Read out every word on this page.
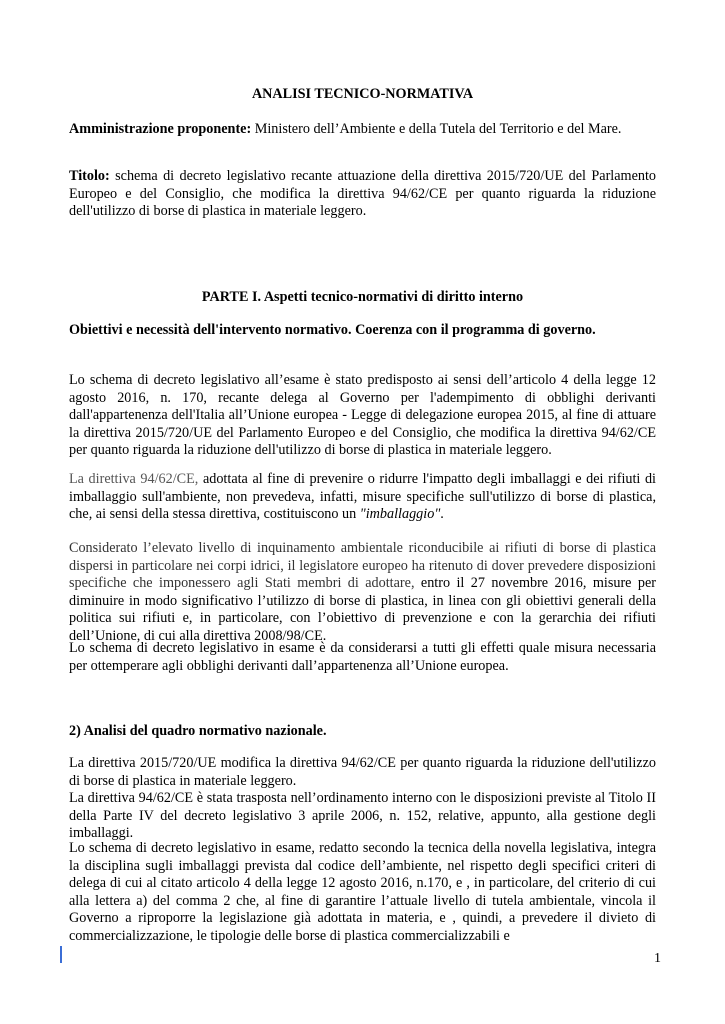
ANALISI TECNICO-NORMATIVA

Amministrazione proponente: Ministero dell’Ambiente e della Tutela del Territorio e del Mare.

Titolo: schema di decreto legislativo recante attuazione della direttiva 2015/720/UE del Parlamento Europeo e del Consiglio, che modifica la direttiva 94/62/CE per quanto riguarda la riduzione dell'utilizzo di borse di plastica in materiale leggero.

PARTE I. Aspetti tecnico-normativi di diritto interno

Obiettivi e necessità dell'intervento normativo. Coerenza con il programma di governo.

Lo schema di decreto legislativo all’esame è stato predisposto ai sensi dell’articolo 4 della legge 12 agosto 2016, n. 170, recante delega al Governo per l'adempimento di obblighi derivanti dall'appartenenza dell'Italia all’Unione europea - Legge di delegazione europea 2015, al fine di attuare la direttiva 2015/720/UE del Parlamento Europeo e del Consiglio, che modifica la direttiva 94/62/CE per quanto riguarda la riduzione dell'utilizzo di borse di plastica in materiale leggero.

La direttiva 94/62/CE, adottata al fine di prevenire o ridurre l'impatto degli imballaggi e dei rifiuti di imballaggio sull'ambiente, non prevedeva, infatti, misure specifiche sull'utilizzo di borse di plastica, che, ai sensi della stessa direttiva, costituiscono un "imballaggio".

Considerato l’elevato livello di inquinamento ambientale riconducibile ai rifiuti di borse di plastica dispersi in particolare nei corpi idrici, il legislatore europeo ha ritenuto di dover prevedere disposizioni specifiche che imponessero agli Stati membri di adottare, entro il 27 novembre 2016, misure per diminuire in modo significativo l’utilizzo di borse di plastica, in linea con gli obiettivi generali della politica sui rifiuti e, in particolare, con l’obiettivo di prevenzione e con la gerarchia dei rifiuti dell’Unione, di cui alla direttiva 2008/98/CE.

Lo schema di decreto legislativo in esame è da considerarsi a tutti gli effetti quale misura necessaria per ottemperare agli obblighi derivanti dall’appartenenza all’Unione europea.

2) Analisi del quadro normativo nazionale.

La direttiva 2015/720/UE modifica la direttiva 94/62/CE per quanto riguarda la riduzione dell'utilizzo di borse di plastica in materiale leggero.

La direttiva 94/62/CE è stata trasposta nell’ordinamento interno con le disposizioni previste al Titolo II della Parte IV del decreto legislativo 3 aprile 2006, n. 152, relative, appunto, alla gestione degli imballaggi.

Lo schema di decreto legislativo in esame, redatto secondo la tecnica della novella legislativa, integra la disciplina sugli imballaggi prevista dal codice dell’ambiente, nel rispetto degli specifici criteri di delega di cui al citato articolo 4 della legge 12 agosto 2016, n.170, e , in particolare, del criterio di cui alla lettera a) del comma 2 che, al fine di garantire l’attuale livello di tutela ambientale, vincola il Governo a riproporre la legislazione già adottata in materia, e , quindi, a prevedere il divieto di commercializzazione, le tipologie delle borse di plastica commercializzabili e

1
